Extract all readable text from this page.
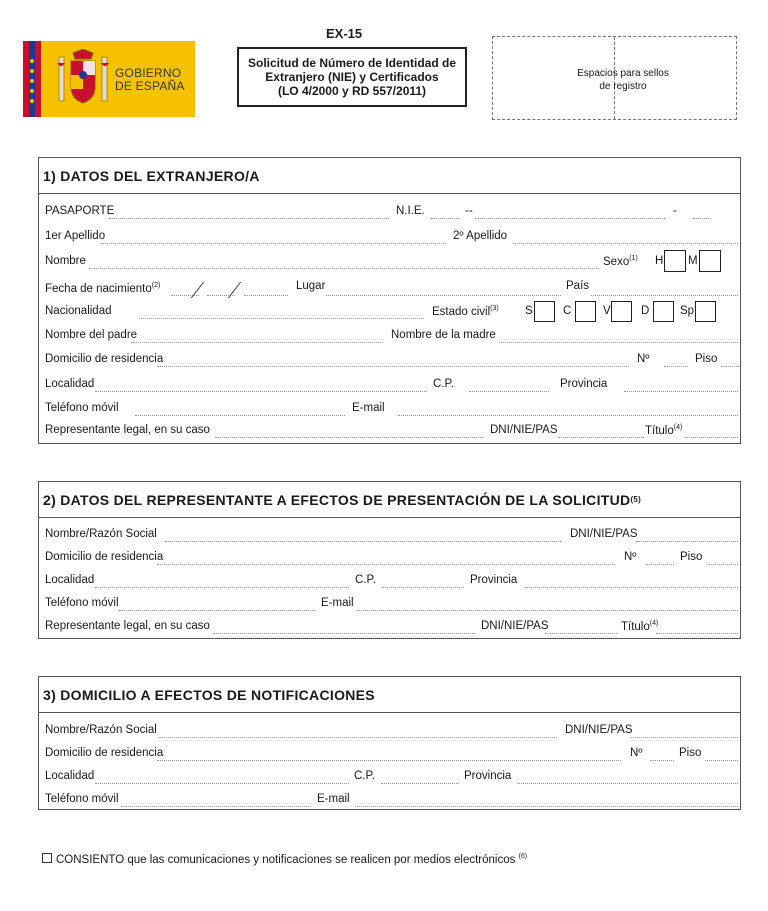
EX-15
GOBIERNO
DE ESPAÑA
Solicitud de Número de Identidad de
Extranjero (NIE) y Certificados
(LO 4/2000 y RD 557/2011)
Espacios para sellos
de registro
1) DATOS DEL EXTRANJERO/A
PASAPORTE	N.I.E.	--	-
1er Apellido	2º Apellido
Nombre	Sexo$^{(1)}$ H M
Fecha de nacimiento$^{(2)}$	Lugar	País
Nacionalidad	Estado civil$^{(3)}$ S	C	V	D	Sp
Nombre del padre	Nombre de la madre
Domicilio de residencia	Nº	Piso
Localidad	C.P.	Provincia
Teléfono móvil	E-mail
Representante legal, en su caso	DNI/NIE/PAS	Título$^{(4)}$
2) DATOS DEL REPRESENTANTE A EFECTOS DE PRESENTACIÓN DE LA SOLICITUD (5)
Nombre/Razón Social	DNI/NIE/PAS
Domicilio de residencia	Nº	Piso
Localidad	C.P.	Provincia
Teléfono móvil	E-mail
Representante legal, en su caso	DNI/NIE/PAS	Título$^{(4)}$
3) DOMICILIO A EFECTOS DE NOTIFICACIONES
Nombre/Razón Social	DNI/NIE/PAS
Domicilio de residencia	Nº	Piso
Localidad	C.P.	Provincia
Teléfono móvil	E-mail
CONSIENTO que las comunicaciones y notificaciones se realicen por medios electrónicos $^{(6)}$
